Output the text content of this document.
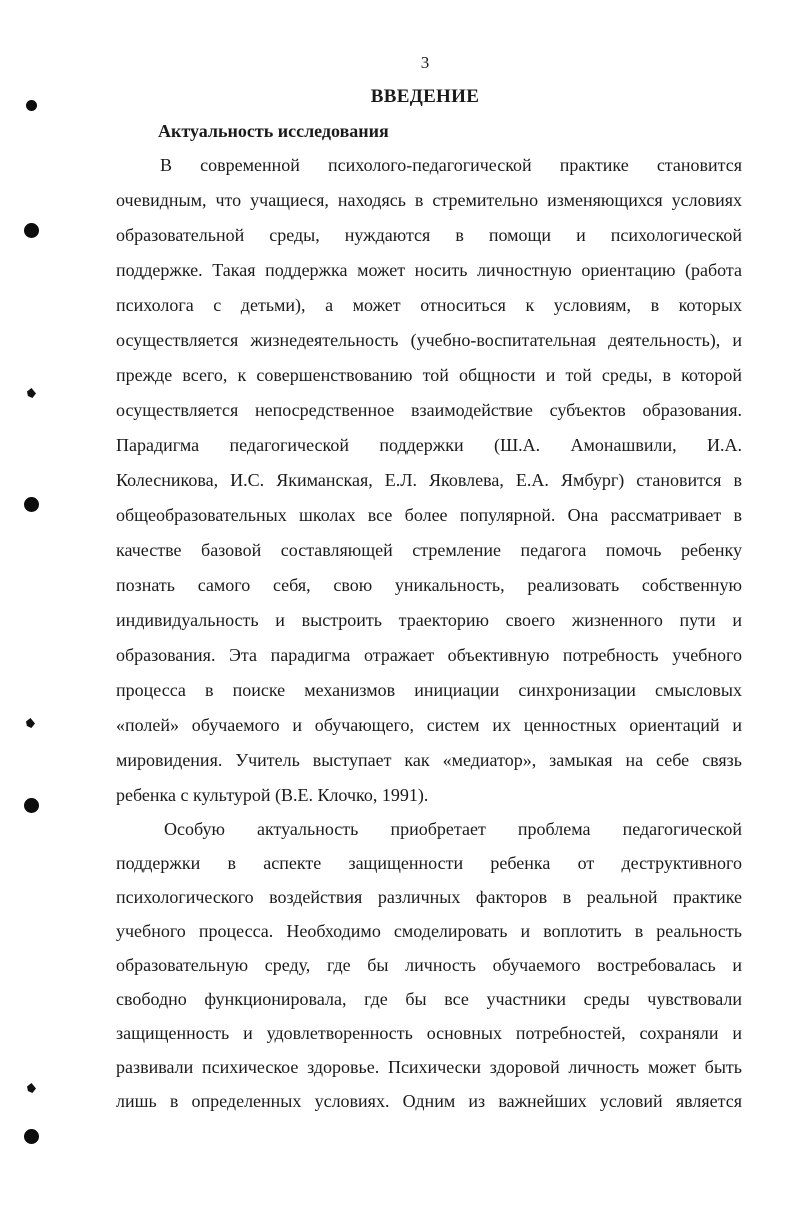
3
ВВЕДЕНИЕ
Актуальность исследования
В современной психолого-педагогической практике становится
очевидным, что учащиеся, находясь в стремительно изменяющихся условиях
образовательной среды, нуждаются в помощи и психологической
поддержке. Такая поддержка может носить личностную ориентацию (работа
психолога с детьми), а может относиться к условиям, в которых
осуществляется жизнедеятельность (учебно-воспитательная деятельность), и
прежде всего, к совершенствованию той общности и той среды, в которой
осуществляется непосредственное взаимодействие субъектов образования.
Парадигма педагогической поддержки (Ш.А. Амонашвили, И.А.
Колесникова, И.С. Якиманская, Е.Л. Яковлева, Е.А. Ямбург) становится в
общеобразовательных школах все более популярной. Она рассматривает в
качестве базовой составляющей стремление педагога помочь ребенку
познать самого себя, свою уникальность, реализовать собственную
индивидуальность и выстроить траекторию своего жизненного пути и
образования. Эта парадигма отражает объективную потребность учебного
процесса в поиске механизмов инициации синхронизации смысловых
«полей» обучаемого и обучающего, систем их ценностных ориентаций и
мировидения. Учитель выступает как «медиатор», замыкая на себе связь
ребенка с культурой (В.Е. Клочко, 1991).
Особую актуальность приобретает проблема педагогической
поддержки в аспекте защищенности ребенка от деструктивного
психологического воздействия различных факторов в реальной практике
учебного процесса. Необходимо смоделировать и воплотить в реальность
образовательную среду, где бы личность обучаемого востребовалась и
свободно функционировала, где бы все участники среды чувствовали
защищенность и удовлетворенность основных потребностей, сохраняли и
развивали психическое здоровье. Психически здоровой личность может быть
лишь в определенных условиях. Одним из важнейших условий является
